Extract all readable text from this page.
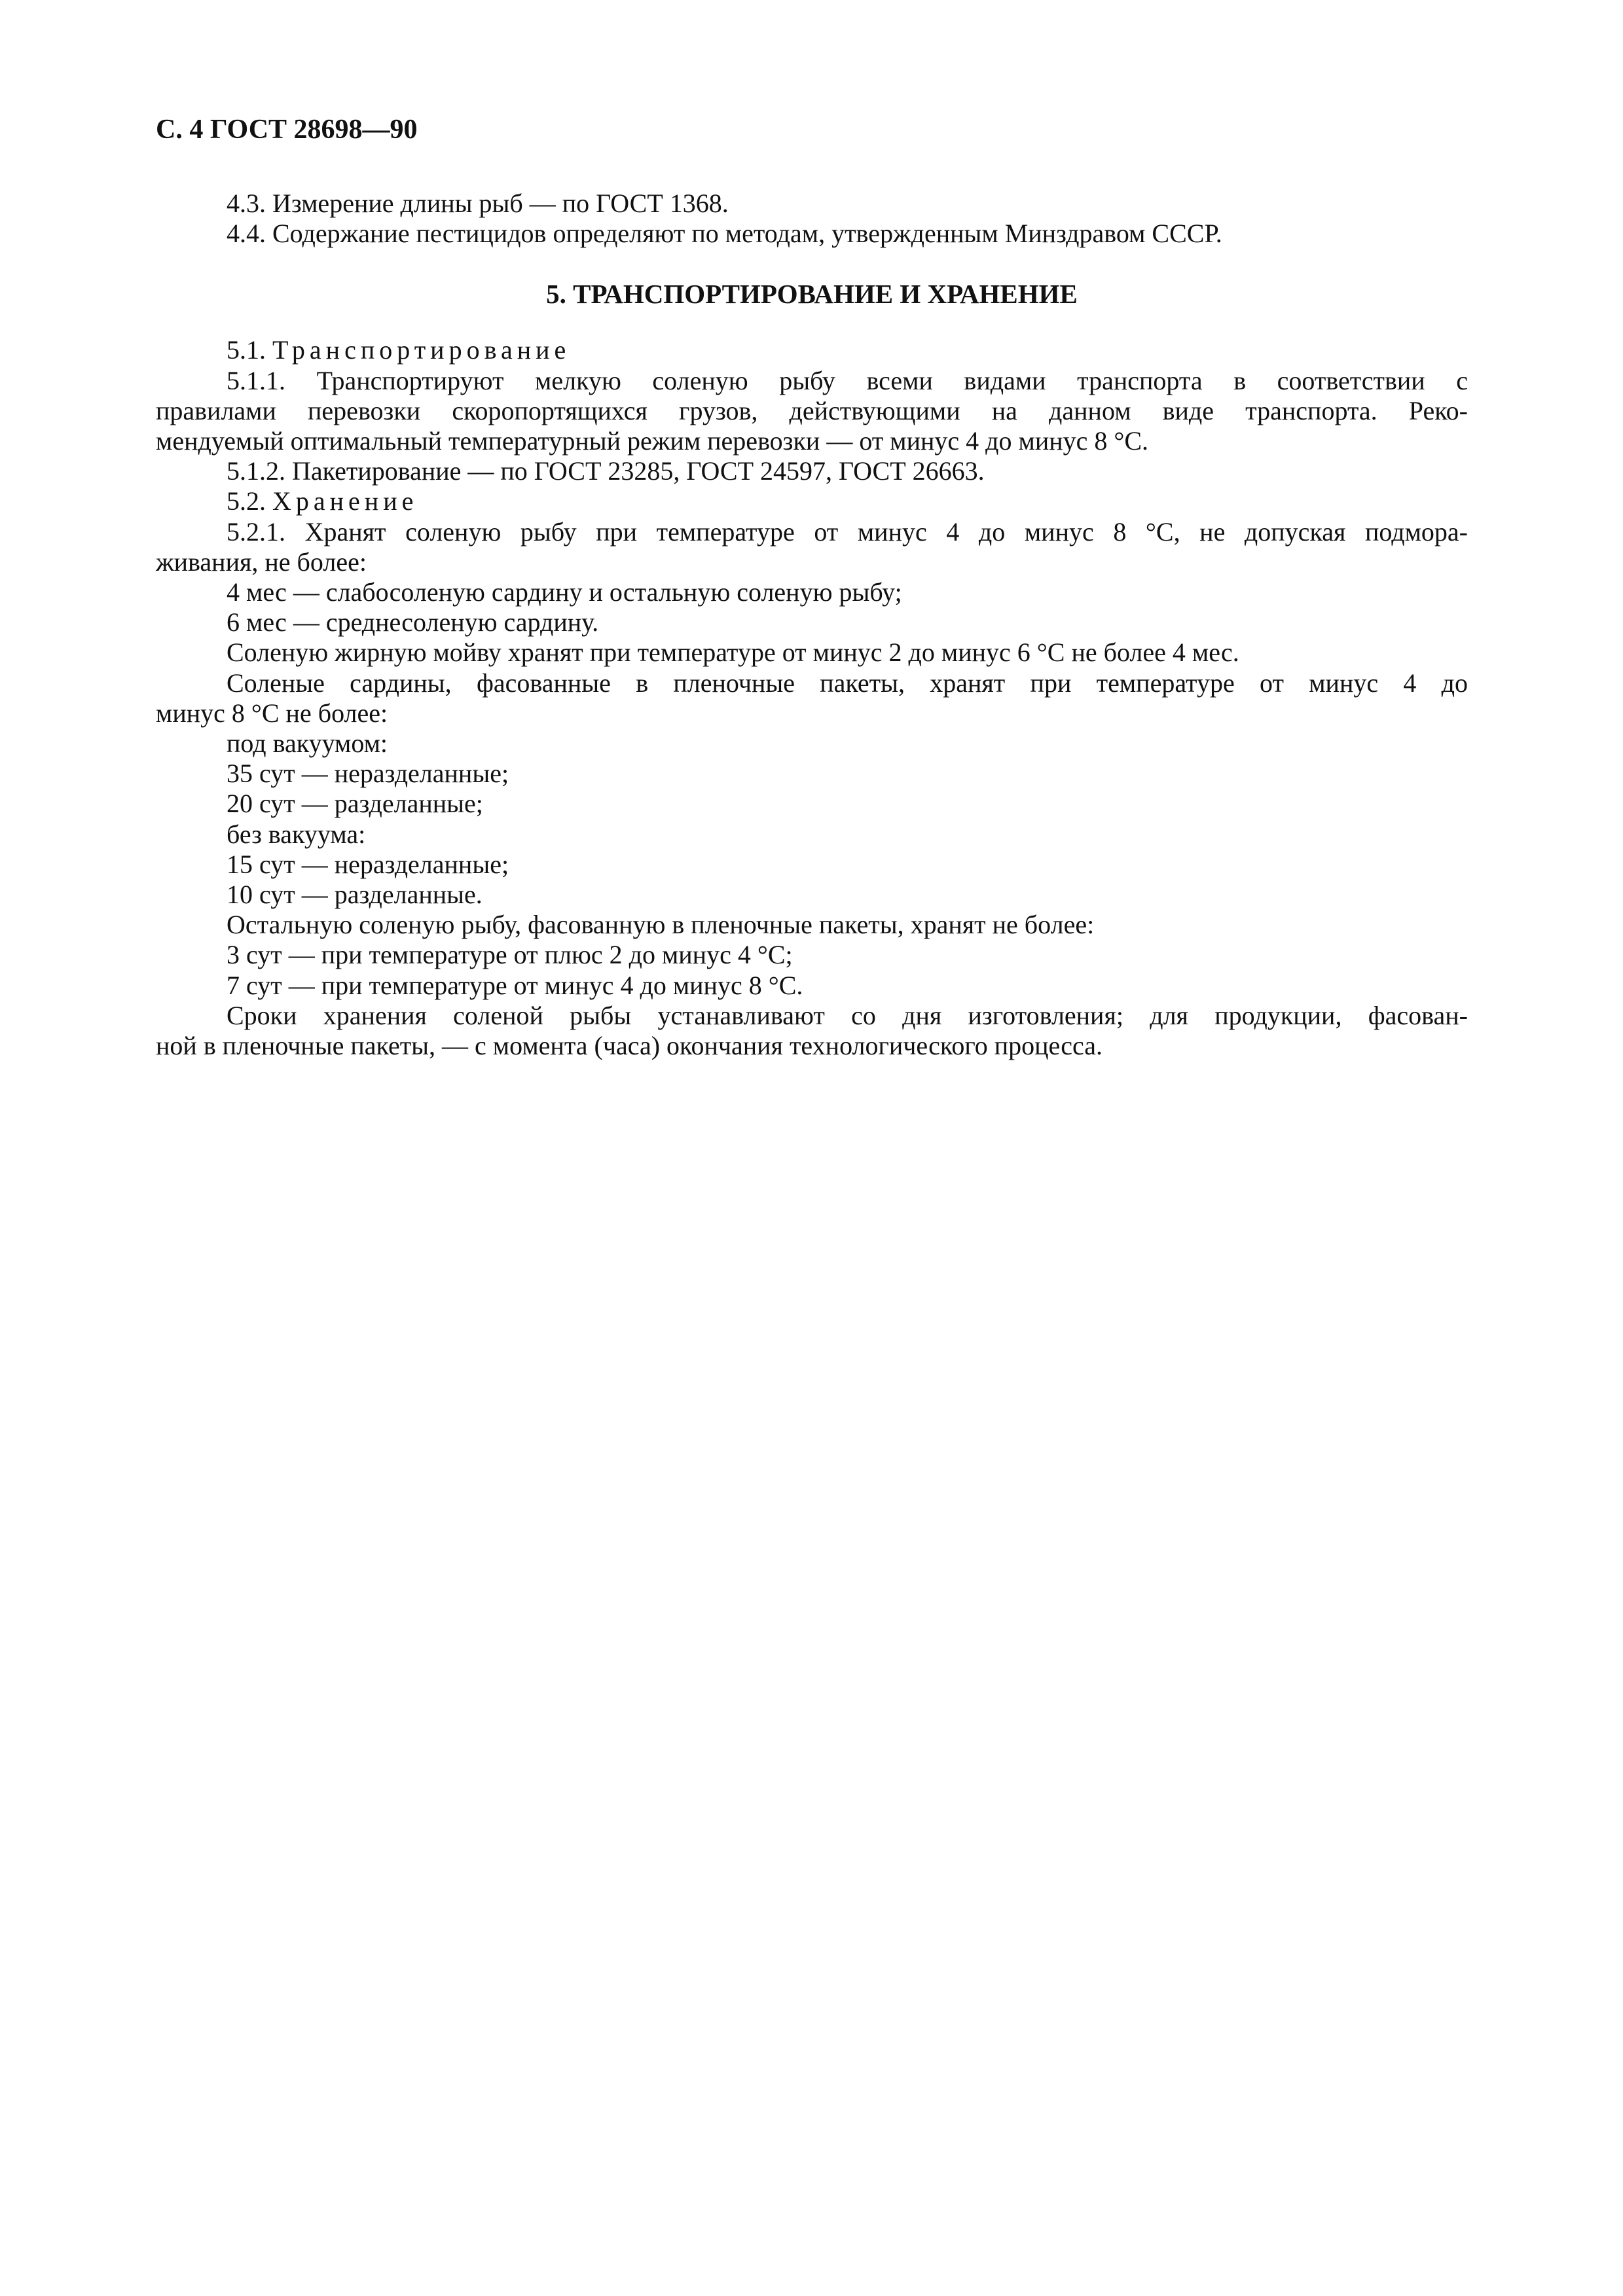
С. 4 ГОСТ 28698—90

4.3. Измерение длины рыб — по ГОСТ 1368.

4.4. Содержание пестицидов определяют по методам, утвержденным Минздравом СССР.

5. ТРАНСПОРТИРОВАНИЕ И ХРАНЕНИЕ

5.1. Транспортирование

5.1.1. Транспортируют мелкую соленую рыбу всеми видами транспорта в соответствии с
правилами перевозки скоропортящихся грузов, действующими на данном виде транспорта. Реко-
мендуемый оптимальный температурный режим перевозки — от минус 4 до минус 8 °С.

5.1.2. Пакетирование — по ГОСТ 23285, ГОСТ 24597, ГОСТ 26663.

5.2. Хранение

5.2.1. Хранят соленую рыбу при температуре от минус 4 до минус 8 °С, не допуская подмора-
живания, не более:

4 мес — слабосоленую сардину и остальную соленую рыбу;

6 мес — среднесоленую сардину.

Соленую жирную мойву хранят при температуре от минус 2 до минус 6 °С не более 4 мес.

Соленые сардины, фасованные в пленочные пакеты, хранят при температуре от минус 4 до
минус 8 °С не более:

под вакуумом:

35 сут — неразделанные;

20 сут — разделанные;

без вакуума:

15 сут — неразделанные;

10 сут — разделанные.

Остальную соленую рыбу, фасованную в пленочные пакеты, хранят не более:

3 сут — при температуре от плюс 2 до минус 4 °С;

7 сут — при температуре от минус 4 до минус 8 °С.

Сроки хранения соленой рыбы устанавливают со дня изготовления; для продукции, фасован-
ной в пленочные пакеты, — с момента (часа) окончания технологического процесса.
